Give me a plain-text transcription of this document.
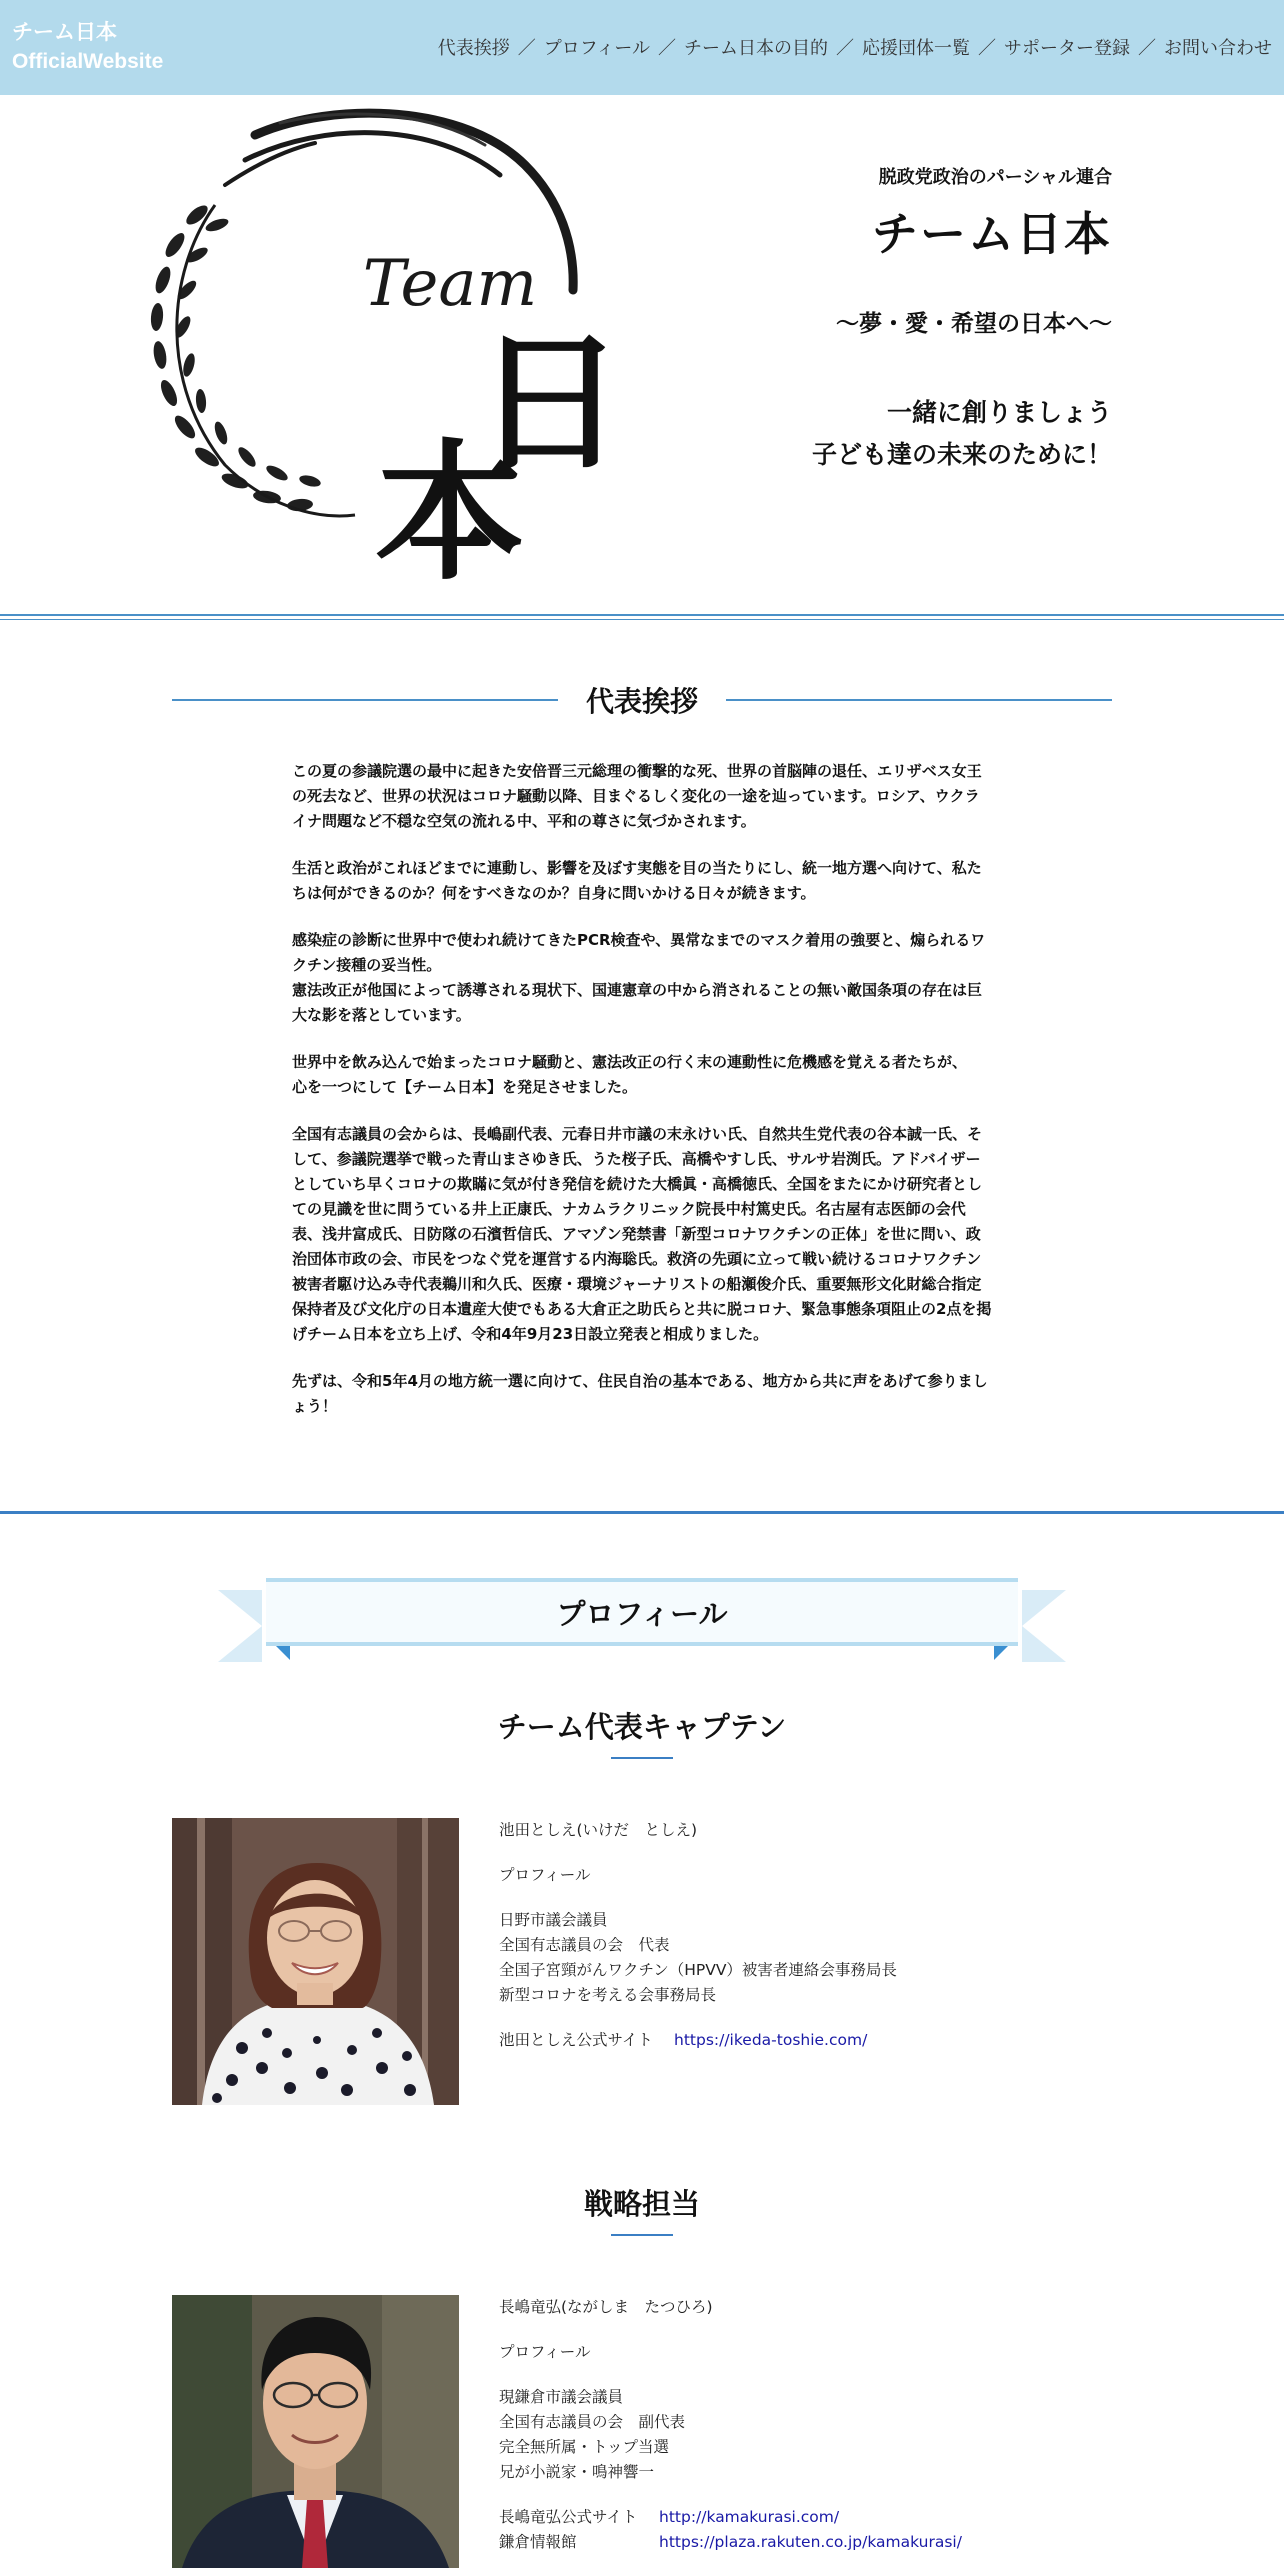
チーム日本
OfficialWebsite
代表挨拶 ／ プロフィール ／ チーム日本の目的 ／ 応援団体一覧 ／ サポーター登録 ／ お問い合わせ
Team
日
本
脱政党政治のパーシャル連合
チーム日本
～夢・愛・希望の日本へ～
一緒に創りましょう
子ども達の未来のために！
代表挨拶

この夏の参議院選の最中に起きた安倍晋三元総理の衝撃的な死、世界の首脳陣の退任、エリザベス女王の死去など、世界の状況はコロナ騒動以降、目まぐるしく変化の一途を辿っています。ロシア、ウクライナ問題など不穏な空気の流れる中、平和の尊さに気づかされます。

生活と政治がこれほどまでに連動し、影響を及ぼす実態を目の当たりにし、統一地方選へ向けて、私たちは何ができるのか？何をすべきなのか？自身に問いかける日々が続きます。

感染症の診断に世界中で使われ続けてきたPCR検査や、異常なまでのマスク着用の強要と、煽られるワクチン接種の妥当性。
憲法改正が他国によって誘導される現状下、国連憲章の中から消されることの無い敵国条項の存在は巨大な影を落としています。

世界中を飲み込んで始まったコロナ騒動と、憲法改正の行く末の連動性に危機感を覚える者たちが、
心を一つにして【チーム日本】を発足させました。

全国有志議員の会からは、長嶋副代表、元春日井市議の末永けい氏、自然共生党代表の谷本誠一氏、そして、参議院選挙で戦った青山まさゆき氏、うた桜子氏、高橋やすし氏、サルサ岩渕氏。アドバイザーとしていち早くコロナの欺瞞に気が付き発信を続けた大橋眞・高橋徳氏、全国をまたにかけ研究者としての見識を世に問うている井上正康氏、ナカムラクリニック院長中村篤史氏。名古屋有志医師の会代表、浅井富成氏、日防隊の石濱哲信氏、アマゾン発禁書「新型コロナワクチンの正体」を世に問い、政治団体市政の会、市民をつなぐ党を運営する内海聡氏。救済の先頭に立って戦い続けるコロナワクチン被害者駆け込み寺代表鵜川和久氏、医療・環境ジャーナリストの船瀬俊介氏、重要無形文化財総合指定保持者及び文化庁の日本遺産大使でもある大倉正之助氏らと共に脱コロナ、緊急事態条項阻止の2点を掲げチーム日本を立ち上げ、令和4年9月23日設立発表と相成りました。

先ずは、令和5年4月の地方統一選に向けて、住民自治の基本である、地方から共に声をあげて参りましょう！

プロフィール
チーム代表キャプテン
池田としえ(いけだ　としえ)
プロフィール
日野市議会議員
全国有志議員の会　代表
全国子宮頸がんワクチン（HPVV）被害者連絡会事務局長
新型コロナを考える会事務局長
池田としえ公式サイト https://ikeda-toshie.com/
戦略担当
長嶋竜弘(ながしま　たつひろ)
プロフィール
現鎌倉市議会議員
全国有志議員の会　副代表
完全無所属・トップ当選
兄が小説家・鳴神響一
長嶋竜弘公式サイト http://kamakurasi.com/
鎌倉情報館	https://plaza.rakuten.co.jp/kamakurasi/
